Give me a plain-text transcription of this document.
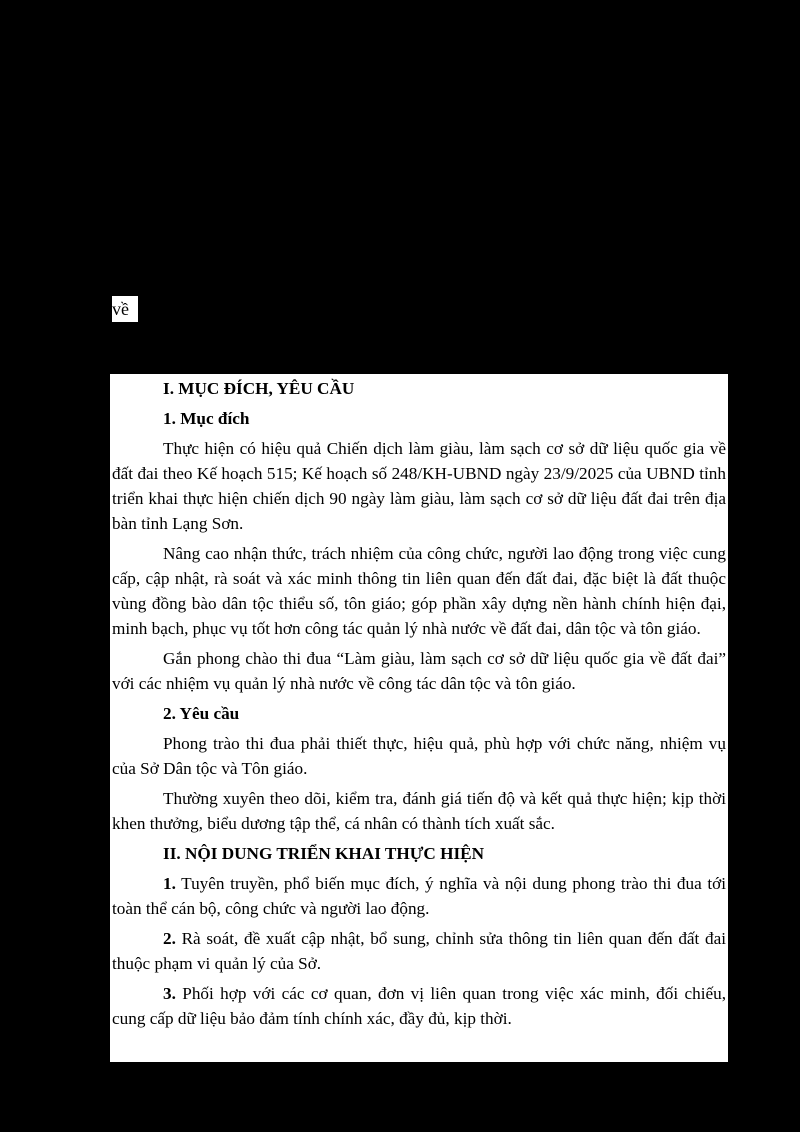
về

I. MỤC ĐÍCH, YÊU CẦU

1. Mục đích

Thực hiện có hiệu quả Chiến dịch làm giàu, làm sạch cơ sở dữ liệu quốc gia về đất đai theo Kế hoạch 515; Kế hoạch số 248/KH-UBND ngày 23/9/2025 của UBND tỉnh triển khai thực hiện chiến dịch 90 ngày làm giàu, làm sạch cơ sở dữ liệu đất đai trên địa bàn tỉnh Lạng Sơn.

Nâng cao nhận thức, trách nhiệm của công chức, người lao động trong việc cung cấp, cập nhật, rà soát và xác minh thông tin liên quan đến đất đai, đặc biệt là đất thuộc vùng đồng bào dân tộc thiểu số, tôn giáo; góp phần xây dựng nền hành chính hiện đại, minh bạch, phục vụ tốt hơn công tác quản lý nhà nước về đất đai, dân tộc và tôn giáo.

Gắn phong chào thi đua “Làm giàu, làm sạch cơ sở dữ liệu quốc gia về đất đai” với các nhiệm vụ quản lý nhà nước về công tác dân tộc và tôn giáo.

2. Yêu cầu

Phong trào thi đua phải thiết thực, hiệu quả, phù hợp với chức năng, nhiệm vụ của Sở Dân tộc và Tôn giáo.

Thường xuyên theo dõi, kiểm tra, đánh giá tiến độ và kết quả thực hiện; kịp thời khen thưởng, biểu dương tập thể, cá nhân có thành tích xuất sắc.

II. NỘI DUNG TRIỂN KHAI THỰC HIỆN

1. Tuyên truyền, phổ biến mục đích, ý nghĩa và nội dung phong trào thi đua tới toàn thể cán bộ, công chức và người lao động.

2. Rà soát, đề xuất cập nhật, bổ sung, chỉnh sửa thông tin liên quan đến đất đai thuộc phạm vi quản lý của Sở.

3. Phối hợp với các cơ quan, đơn vị liên quan trong việc xác minh, đối chiếu, cung cấp dữ liệu bảo đảm tính chính xác, đầy đủ, kịp thời.
